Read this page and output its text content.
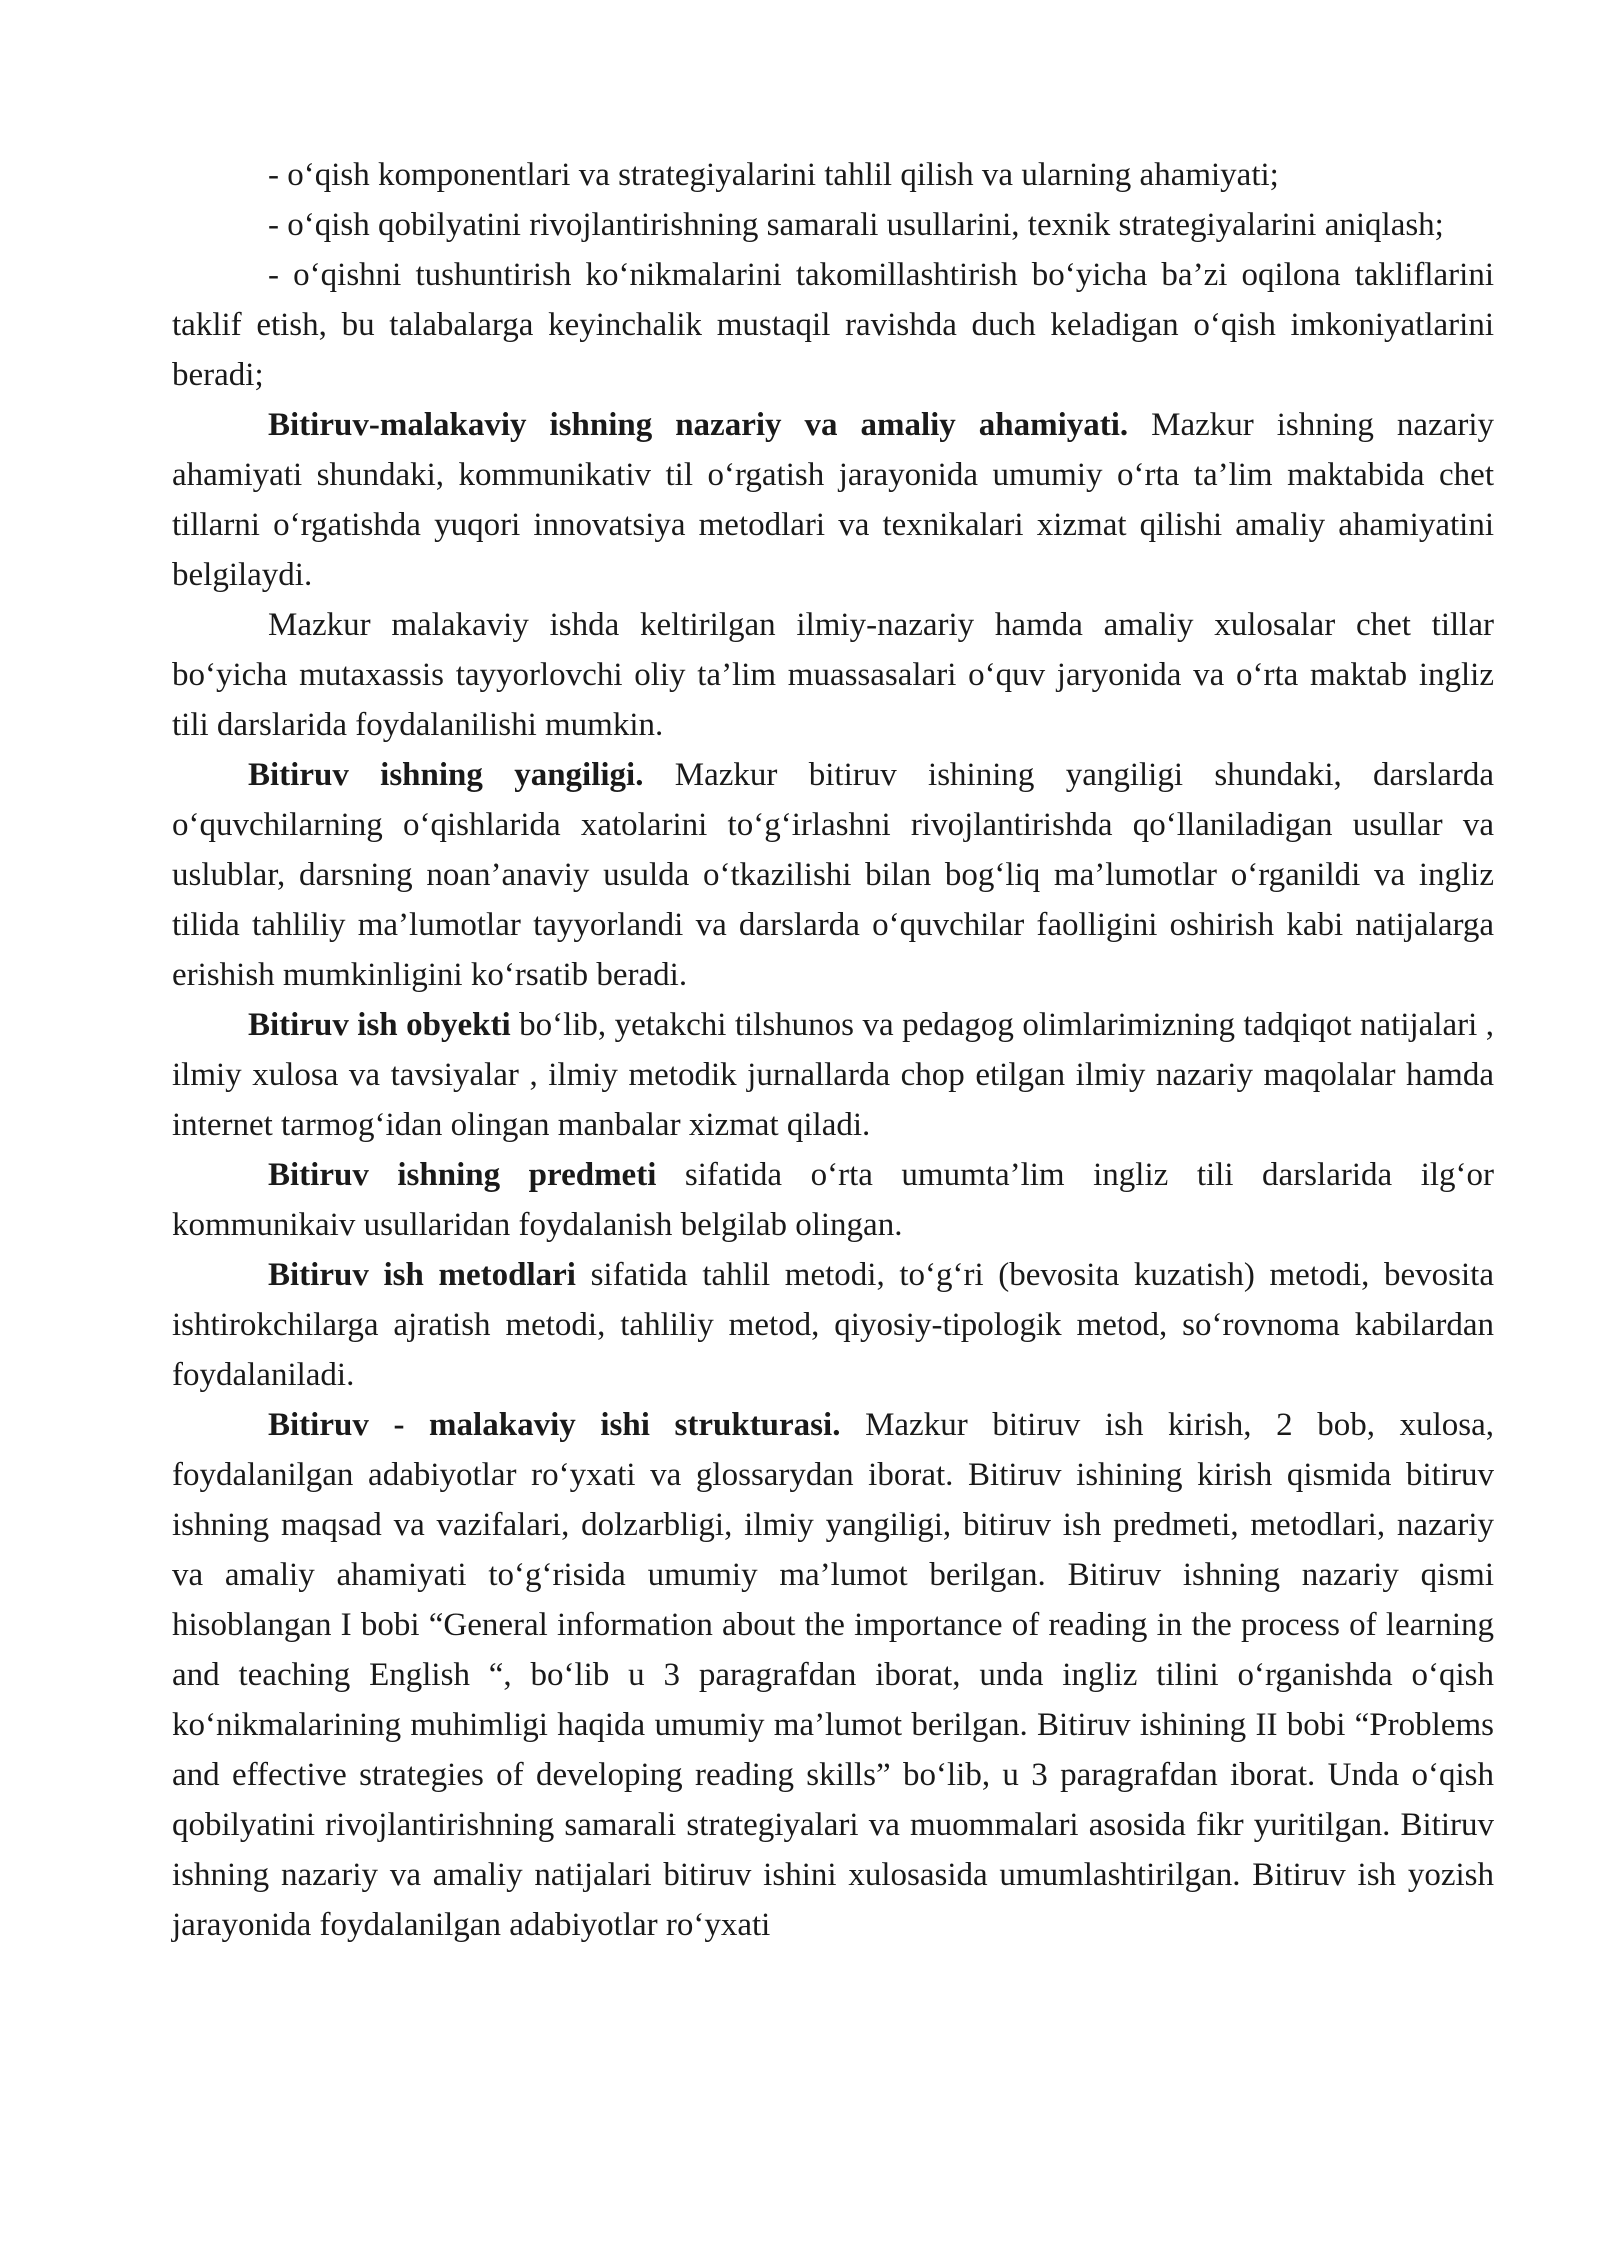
- o‘qish komponentlari va strategiyalarini tahlil qilish va ularning ahamiyati;

- o‘qish qobilyatini rivojlantirishning samarali usullarini, texnik strategiyalarini aniqlash;

- o‘qishni tushuntirish ko‘nikmalarini takomillashtirish bo‘yicha ba’zi oqilona takliflarini taklif etish, bu talabalarga keyinchalik mustaqil ravishda duch keladigan o‘qish imkoniyatlarini beradi;

Bitiruv-malakaviy ishning nazariy va amaliy ahamiyati. Mazkur ishning nazariy ahamiyati shundaki, kommunikativ til o‘rgatish jarayonida umumiy o‘rta ta’lim maktabida chet tillarni o‘rgatishda yuqori innovatsiya metodlari va texnikalari xizmat qilishi amaliy ahamiyatini belgilaydi.

Mazkur malakaviy ishda keltirilgan ilmiy-nazariy hamda amaliy xulosalar chet tillar bo‘yicha mutaxassis tayyorlovchi oliy ta’lim muassasalari o‘quv jaryonida va o‘rta maktab ingliz tili darslarida foydalanilishi mumkin.

Bitiruv ishning yangiligi. Mazkur bitiruv ishining yangiligi shundaki, darslarda o‘quvchilarning o‘qishlarida xatolarini to‘g‘irlashni rivojlantirishda qo‘llaniladigan usullar va uslublar, darsning noan’anaviy usulda o‘tkazilishi bilan bog‘liq ma’lumotlar o‘rganildi va ingliz tilida tahliliy ma’lumotlar tayyorlandi va darslarda o‘quvchilar faolligini oshirish kabi natijalarga erishish mumkinligini ko‘rsatib beradi.

Bitiruv ish obyekti bo‘lib, yetakchi tilshunos va pedagog olimlarimizning tadqiqot natijalari , ilmiy xulosa va tavsiyalar , ilmiy metodik jurnallarda chop etilgan ilmiy nazariy maqolalar hamda internet tarmog‘idan olingan manbalar xizmat qiladi.

Bitiruv ishning predmeti sifatida o‘rta umumta’lim ingliz tili darslarida ilg‘or kommunikaiv usullaridan foydalanish belgilab olingan.

Bitiruv ish metodlari sifatida tahlil metodi, to‘g‘ri (bevosita kuzatish) metodi, bevosita ishtirokchilarga ajratish metodi, tahliliy metod, qiyosiy-tipologik metod, so‘rovnoma kabilardan foydalaniladi.

Bitiruv - malakaviy ishi strukturasi. Mazkur bitiruv ish kirish, 2 bob, xulosa, foydalanilgan adabiyotlar ro‘yxati va glossarydan iborat. Bitiruv ishining kirish qismida bitiruv ishning maqsad va vazifalari, dolzarbligi, ilmiy yangiligi, bitiruv ish predmeti, metodlari, nazariy va amaliy ahamiyati to‘g‘risida umumiy ma’lumot berilgan. Bitiruv ishning nazariy qismi hisoblangan I bobi “General information about the importance of reading in the process of learning and teaching English “, bo‘lib u 3 paragrafdan iborat, unda ingliz tilini o‘rganishda o‘qish ko‘nikmalarining muhimligi haqida umumiy ma’lumot berilgan. Bitiruv ishining II bobi “Problems and effective strategies of developing reading skills” bo‘lib, u 3 paragrafdan iborat. Unda o‘qish qobilyatini rivojlantirishning samarali strategiyalari va muommalari asosida fikr yuritilgan. Bitiruv ishning nazariy va amaliy natijalari bitiruv ishini xulosasida umumlashtirilgan. Bitiruv ish yozish jarayonida foydalanilgan adabiyotlar ro‘yxati
